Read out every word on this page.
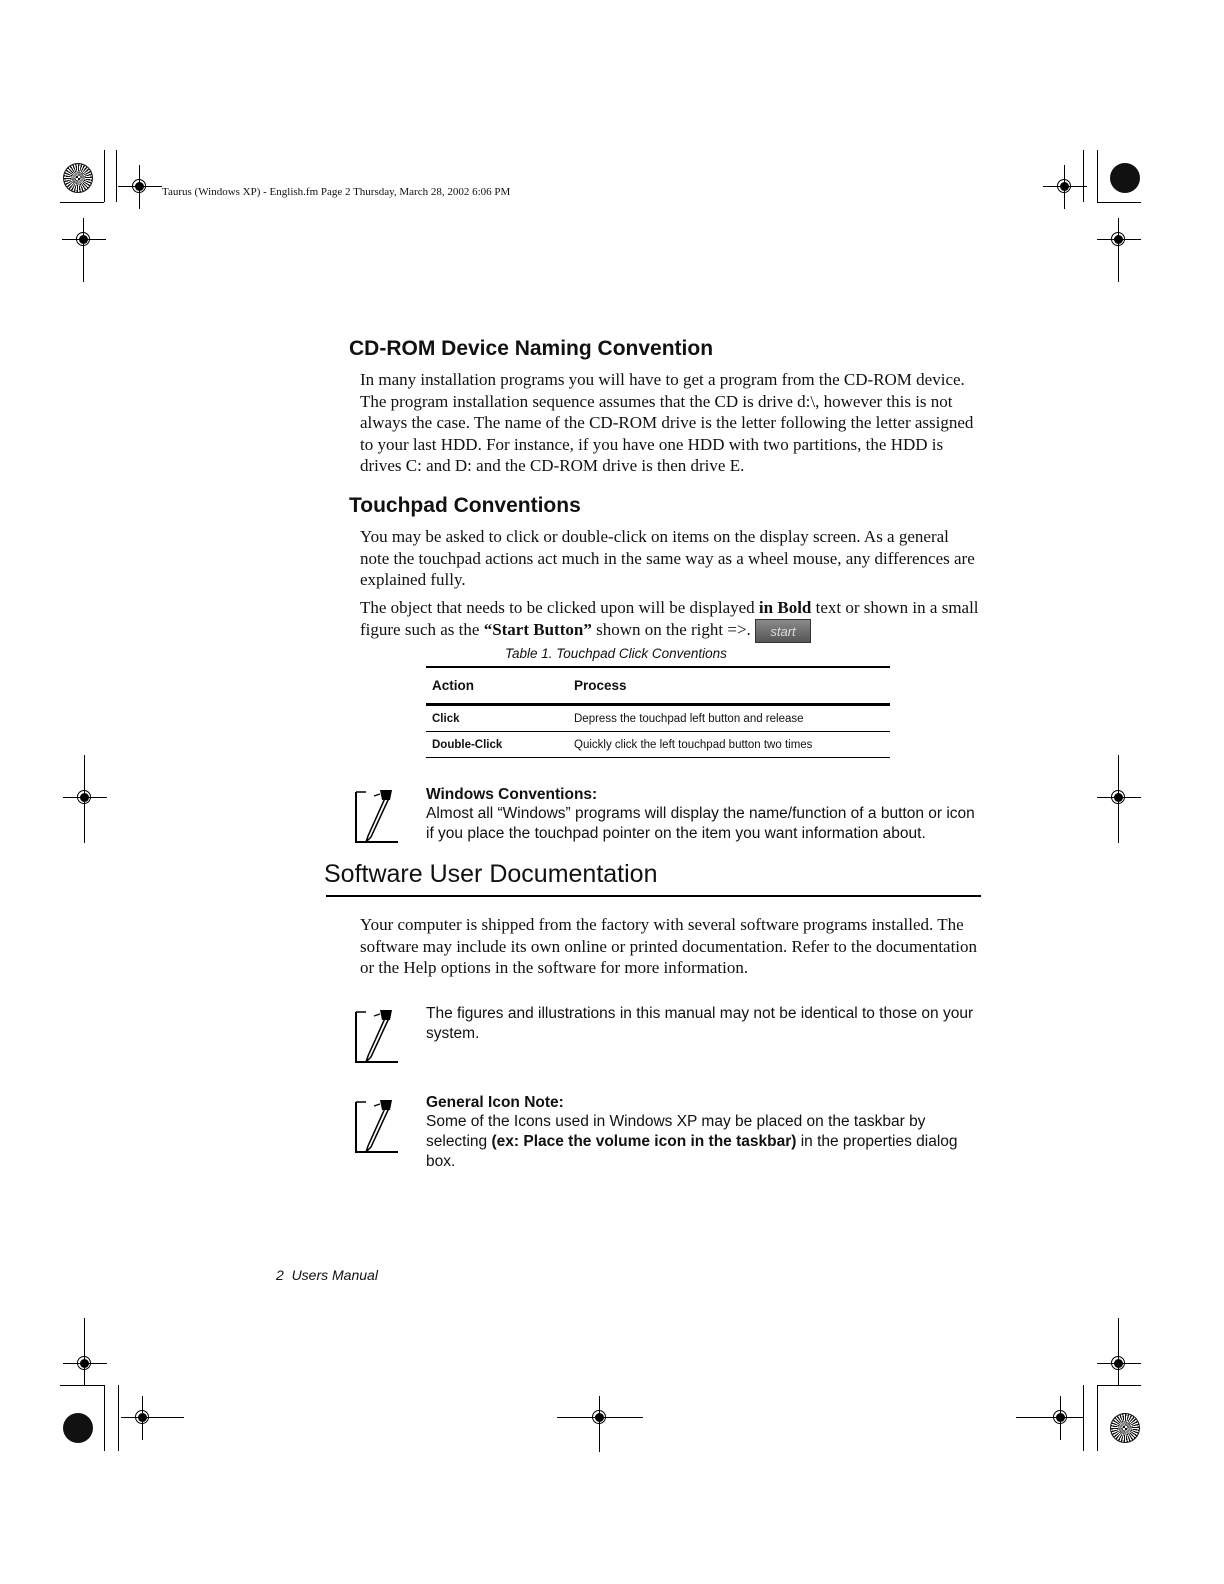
Taurus (Windows XP) - English.fm Page 2 Thursday, March 28, 2002 6:06 PM
CD-ROM Device Naming Convention

In many installation programs you will have to get a program from the CD-ROM device. The program installation sequence assumes that the CD is drive d:\, however this is not always the case. The name of the CD-ROM drive is the letter following the letter assigned to your last HDD. For instance, if you have one HDD with two partitions, the HDD is drives C: and D: and the CD-ROM drive is then drive E.

Touchpad Conventions

You may be asked to click or double-click on items on the display screen. As a general note the touchpad actions act much in the same way as a wheel mouse, any differences are explained fully.

The object that needs to be clicked upon will be displayed in Bold text or shown in a small figure such as the “Start Button” shown on the right =>. start

Table 1. Touchpad Click Conventions
Action	Process
Click	Depress the touchpad left button and release
Double-Click	Quickly click the left touchpad button two times
Windows Conventions:
Almost all “Windows” programs will display the name/function of a button or icon if you place the touchpad pointer on the item you want information about.
Software User Documentation

Your computer is shipped from the factory with several software programs installed. The software may include its own online or printed documentation. Refer to the documentation or the Help options in the software for more information.

The figures and illustrations in this manual may not be identical to those on your system.
General Icon Note:
Some of the Icons used in Windows XP may be placed on the taskbar by selecting (ex: Place the volume icon in the taskbar) in the properties dialog box.
2  Users Manual
